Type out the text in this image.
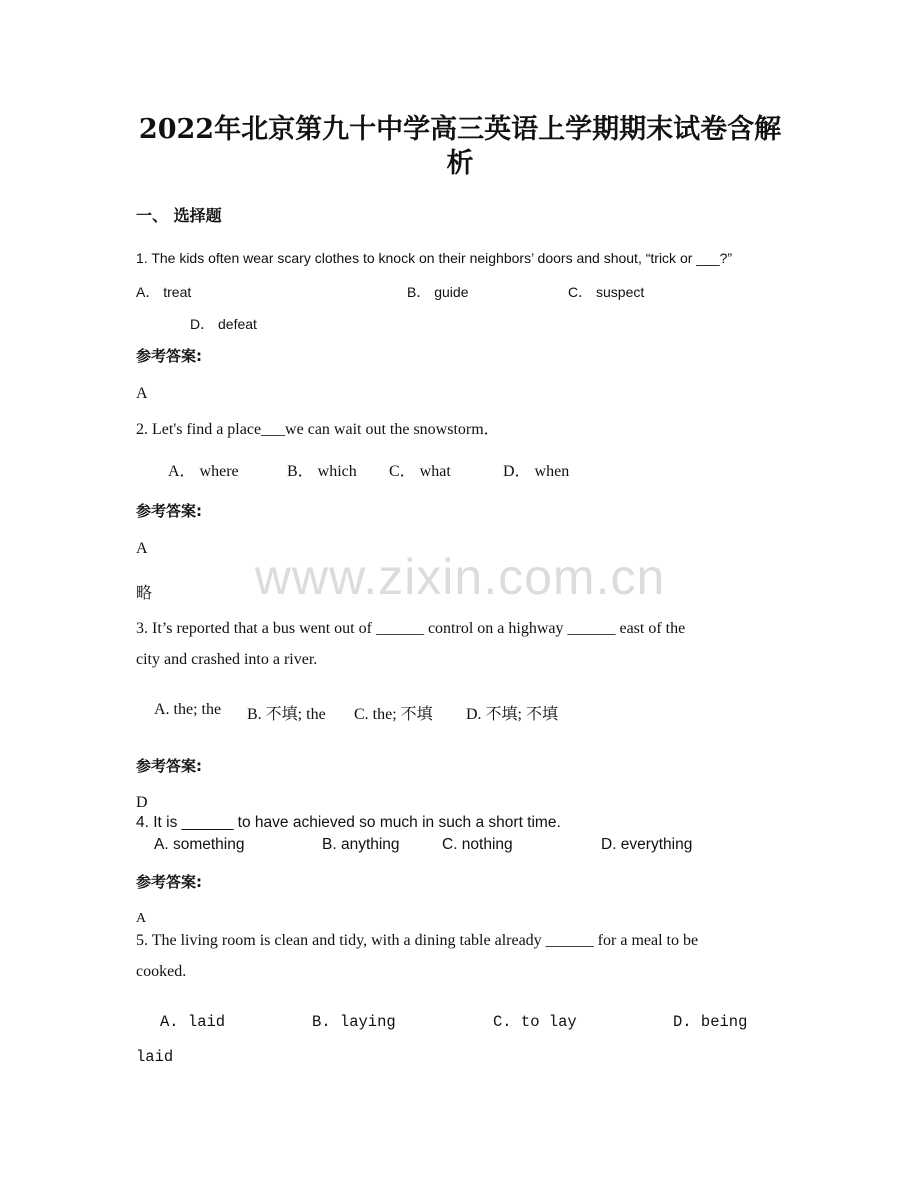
2022年北京第九十中学高三英语上学期期末试卷含解
析
一、 选择题
1. The kids often wear scary clothes to knock on their neighbors’ doors and shout, “trick or ___?”
A． treat	B． guide	C． suspect
D． defeat
参考答案:
A
2. Let's find a place___we can wait out the snowstorm．
A． where	B． which C． what	D． when
参考答案:
A
www.zixin.com.cn
略
3. It’s reported that a bus went out of ______ control on a highway ______ east of the
city and crashed into a river.
A. the; the B. 不填; the C. the; 不填 D. 不填; 不填
参考答案:
D
4. It is ______ to have achieved so much in such a short time.
A. something	B. anything	C. nothing	D. everything
参考答案:
A
5. The living room is clean and tidy, with a dining table already ______ for a meal to be
cooked.
A. laid	B. laying	C. to lay	D. being
laid
